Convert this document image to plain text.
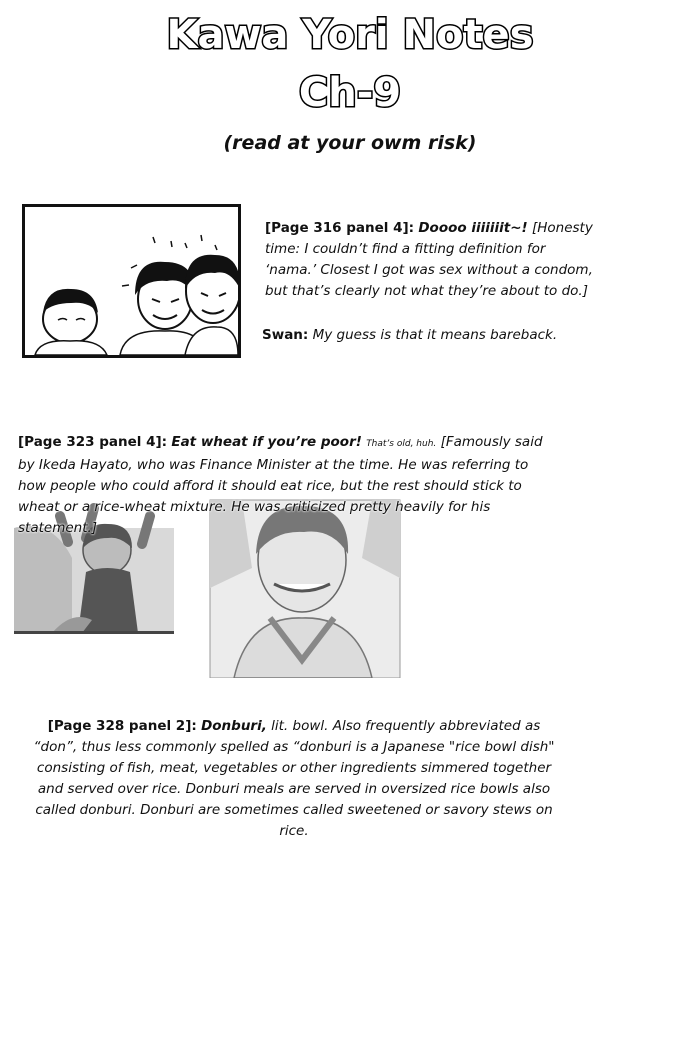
Kawa Yori Notes
Ch-9
(read at your owm risk)
[Page 316 panel 4]: Doooo iiiiiiit~! [Honesty time: I couldn’t find a fitting definition for ‘nama.’ Closest I got was sex without a condom, but that’s clearly not what they’re about to do.]
Swan: My guess is that it means bareback.
[Page 323 panel 4]: Eat wheat if you’re poor! That’s old, huh. [Famously said by Ikeda Hayato, who was Finance Minister at the time. He was referring to how people who could afford it should eat rice, but the rest should stick to wheat or a rice-wheat mixture. He was criticized pretty heavily for his statement.]
[Page 328 panel 2]: Donburi, lit. bowl. Also frequently abbreviated as “don”, thus less commonly spelled as “donburi is a Japanese "rice bowl dish" consisting of fish, meat, vegetables or other ingredients simmered together and served over rice. Donburi meals are served in oversized rice bowls also called donburi. Donburi are sometimes called sweetened or savory stews on rice.
